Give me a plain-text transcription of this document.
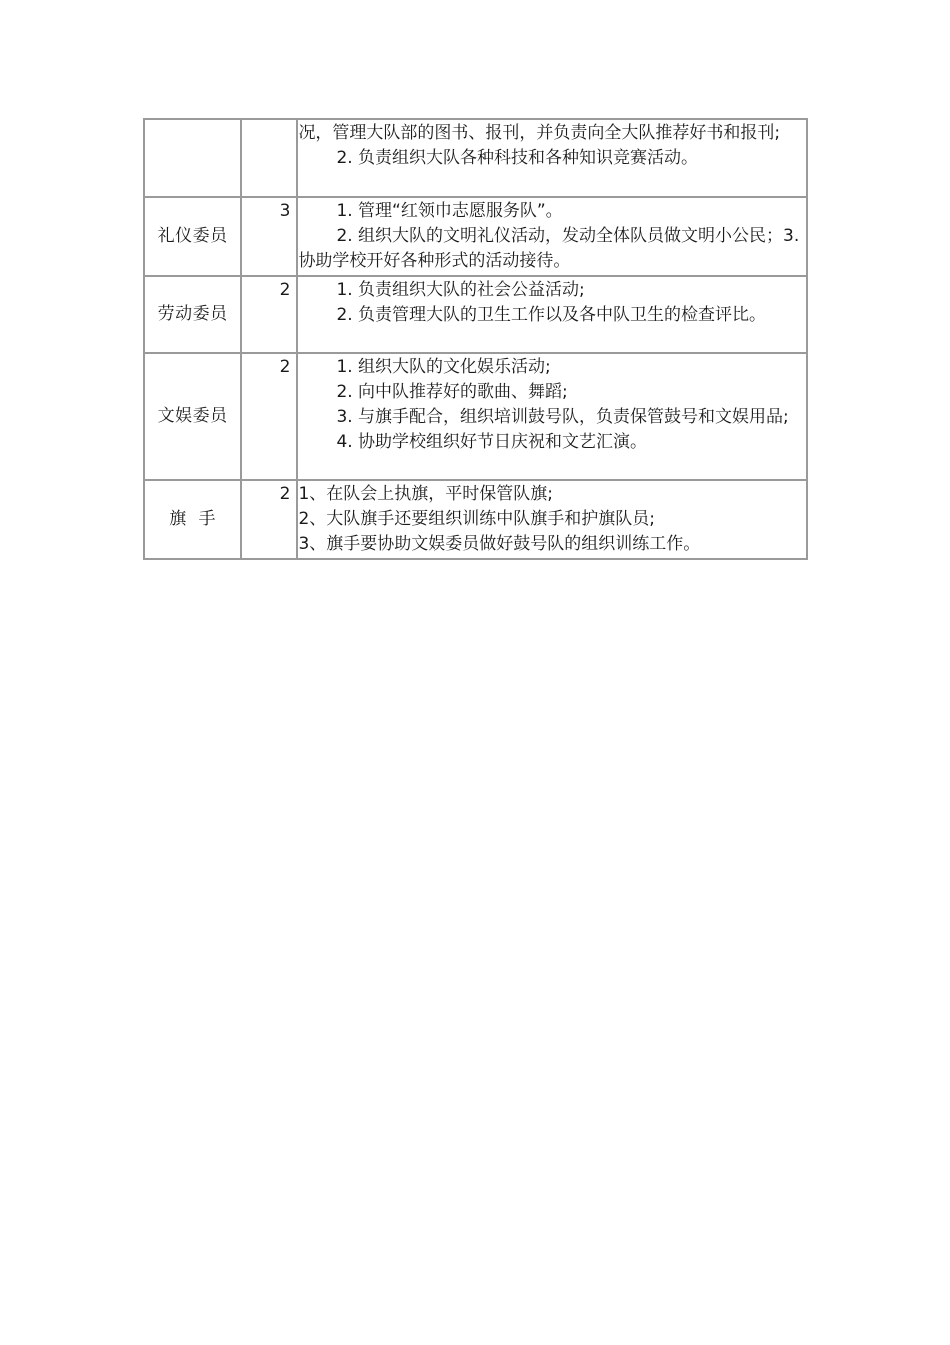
		况，管理大队部的图书、报刊，并负责向全大队推荐好书和报刊;
2. 负责组织大队各种科技和各种知识竞赛活动。

礼仪委员	3	1. 管理“红领巾志愿服务队”。
2. 组织大队的文明礼仪活动，发动全体队员做文明小公民；3. 协助学校开好各种形式的活动接待。

劳动委员	2	1. 负责组织大队的社会公益活动;
2. 负责管理大队的卫生工作以及各中队卫生的检查评比。

文娱委员	2	1. 组织大队的文化娱乐活动;
2. 向中队推荐好的歌曲、舞蹈;
3. 与旗手配合，组织培训鼓号队，负责保管鼓号和文娱用品;
4. 协助学校组织好节日庆祝和文艺汇演。

旗  手	2	1、在队会上执旗，平时保管队旗;
2、大队旗手还要组织训练中队旗手和护旗队员;
3、旗手要协助文娱委员做好鼓号队的组织训练工作。
